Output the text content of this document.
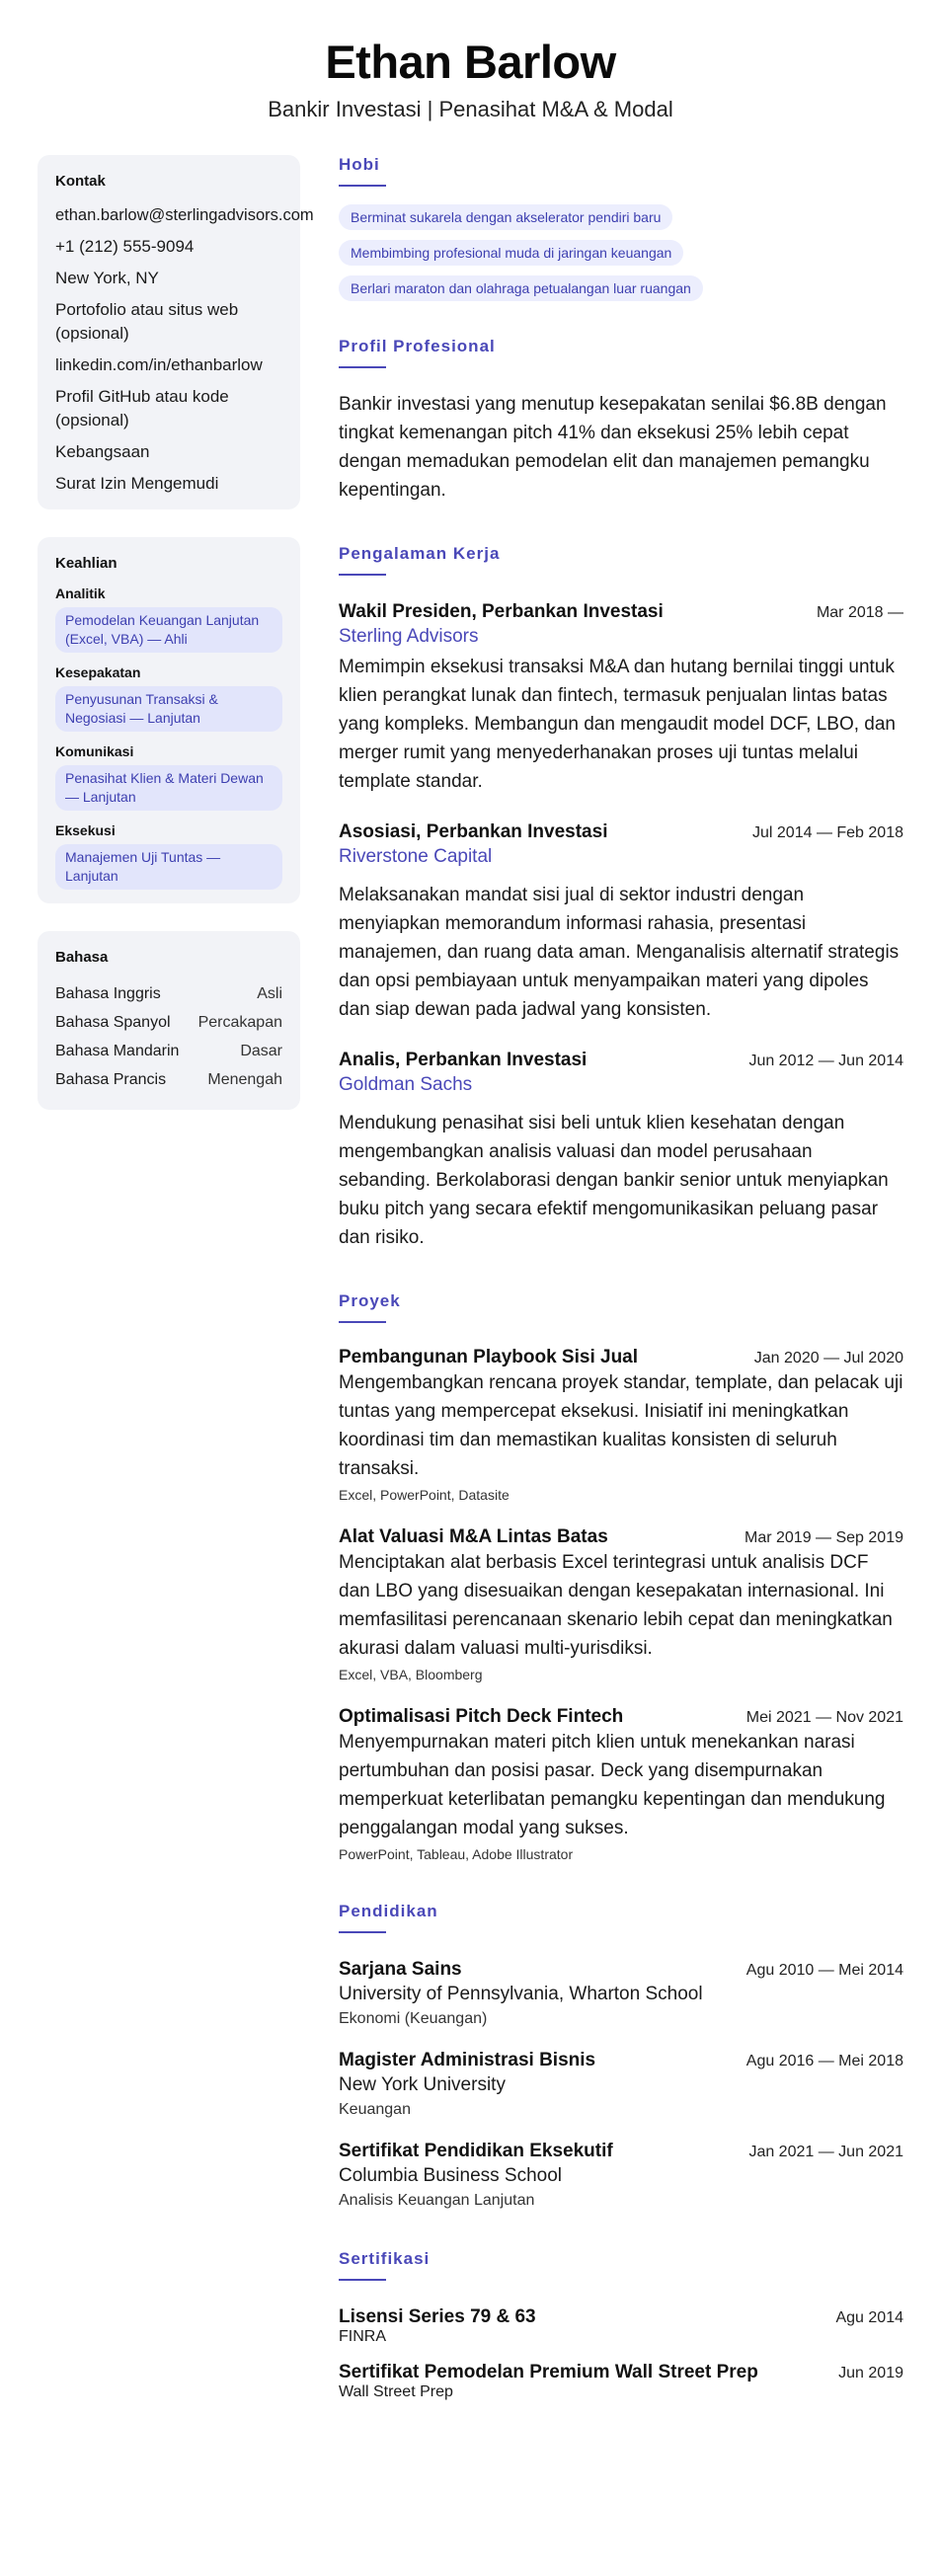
Ethan Barlow
Bankir Investasi | Penasihat M&A & Modal
Kontak
ethan.barlow@sterlingadvisors.com
+1 (212) 555-9094
New York, NY
Portofolio atau situs web (opsional)
linkedin.com/in/ethanbarlow
Profil GitHub atau kode (opsional)
Kebangsaan
Surat Izin Mengemudi
Keahlian
Analitik
Pemodelan Keuangan Lanjutan (Excel, VBA) — Ahli
Kesepakatan
Penyusunan Transaksi & Negosiasi — Lanjutan
Komunikasi
Penasihat Klien & Materi Dewan — Lanjutan
Eksekusi
Manajemen Uji Tuntas — Lanjutan
Bahasa
Bahasa Inggris	Asli
Bahasa Spanyol Percakapan
Bahasa Mandarin	Dasar
Bahasa Prancis	Menengah
Hobi
Berminat sukarela dengan akselerator pendiri baru
Membimbing profesional muda di jaringan keuangan
Berlari maraton dan olahraga petualangan luar ruangan
Profil Profesional
Bankir investasi yang menutup kesepakatan senilai $6.8B dengan tingkat kemenangan pitch 41% dan eksekusi 25% lebih cepat dengan memadukan pemodelan elit dan manajemen pemangku kepentingan.
Pengalaman Kerja
Wakil Presiden, Perbankan Investasi	Mar 2018 —
Sterling Advisors
Memimpin eksekusi transaksi M&A dan hutang bernilai tinggi untuk klien perangkat lunak dan fintech, termasuk penjualan lintas batas yang kompleks. Membangun dan mengaudit model DCF, LBO, dan merger rumit yang menyederhanakan proses uji tuntas melalui template standar.
Asosiasi, Perbankan Investasi	Jul 2014 — Feb 2018
Riverstone Capital
Melaksanakan mandat sisi jual di sektor industri dengan menyiapkan memorandum informasi rahasia, presentasi manajemen, dan ruang data aman. Menganalisis alternatif strategis dan opsi pembiayaan untuk menyampaikan materi yang dipoles dan siap dewan pada jadwal yang konsisten.
Analis, Perbankan Investasi	Jun 2012 — Jun 2014
Goldman Sachs
Mendukung penasihat sisi beli untuk klien kesehatan dengan mengembangkan analisis valuasi dan model perusahaan sebanding. Berkolaborasi dengan bankir senior untuk menyiapkan buku pitch yang secara efektif mengomunikasikan peluang pasar dan risiko.
Proyek
Pembangunan Playbook Sisi Jual	Jan 2020 — Jul 2020
Mengembangkan rencana proyek standar, template, dan pelacak uji tuntas yang mempercepat eksekusi. Inisiatif ini meningkatkan koordinasi tim dan memastikan kualitas konsisten di seluruh transaksi.
Excel, PowerPoint, Datasite
Alat Valuasi M&A Lintas Batas	Mar 2019 — Sep 2019
Menciptakan alat berbasis Excel terintegrasi untuk analisis DCF dan LBO yang disesuaikan dengan kesepakatan internasional. Ini memfasilitasi perencanaan skenario lebih cepat dan meningkatkan akurasi dalam valuasi multi-yurisdiksi.
Excel, VBA, Bloomberg
Optimalisasi Pitch Deck Fintech	Mei 2021 — Nov 2021
Menyempurnakan materi pitch klien untuk menekankan narasi pertumbuhan dan posisi pasar. Deck yang disempurnakan memperkuat keterlibatan pemangku kepentingan dan mendukung penggalangan modal yang sukses.
PowerPoint, Tableau, Adobe Illustrator
Pendidikan
Sarjana Sains	Agu 2010 — Mei 2014
University of Pennsylvania, Wharton School
Ekonomi (Keuangan)
Magister Administrasi Bisnis	Agu 2016 — Mei 2018
New York University
Keuangan
Sertifikat Pendidikan Eksekutif	Jan 2021 — Jun 2021
Columbia Business School
Analisis Keuangan Lanjutan
Sertifikasi
Lisensi Series 79 & 63	Agu 2014
FINRA
Sertifikat Pemodelan Premium Wall Street Prep	Jun 2019
Wall Street Prep
